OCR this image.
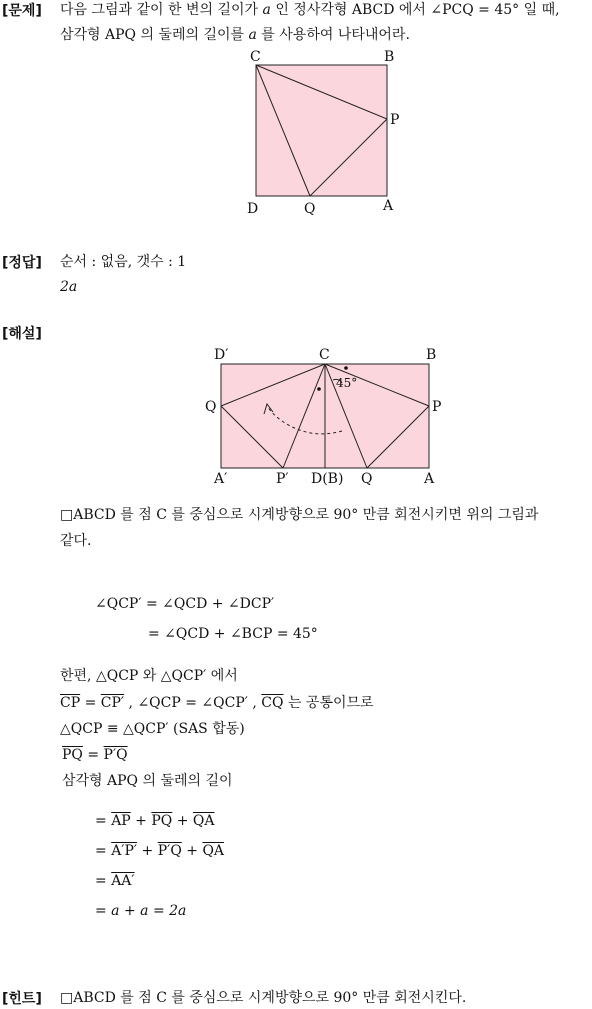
[문제] 다음 그림과 같이 한 변의 길이가 a 인 정사각형 ABCD 에서 ∠PCQ = 45° 일 때,
삼각형 APQ 의 둘레의 길이를 a 를 사용하여 나타내어라.
C	B
P
D	Q	A
[정답] 순서 : 없음, 갯수 : 1
2a
[해설]
45°
D′	C	B
Q	P
A′	P′ D(B) Q	A
□ABCD 를 점 C 를 중심으로 시계방향으로 90° 만큼 회전시키면 위의 그림과
같다.
∠QCP′ = ∠QCD + ∠DCP′
= ∠QCD + ∠BCP = 45°
한편, △QCP 와 △QCP′ 에서
$\overline{CP} = CP'$ , ∠QCP = ∠QCP′ , $\overline{CQ}$ 는 공통이므로
△QCP ≡ △QCP′ (SAS 합동)
$\overline{PQ} = P'Q$
삼각형 APQ 의 둘레의 길이
= $\overline{AP} + \overline{PQ} + \overline{QA}$
= $A'P' + P'Q + \overline{QA}$
= AA′
= a + a = 2a
[힌트] □ABCD 를 점 C 를 중심으로 시계방향으로 90° 만큼 회전시킨다.
